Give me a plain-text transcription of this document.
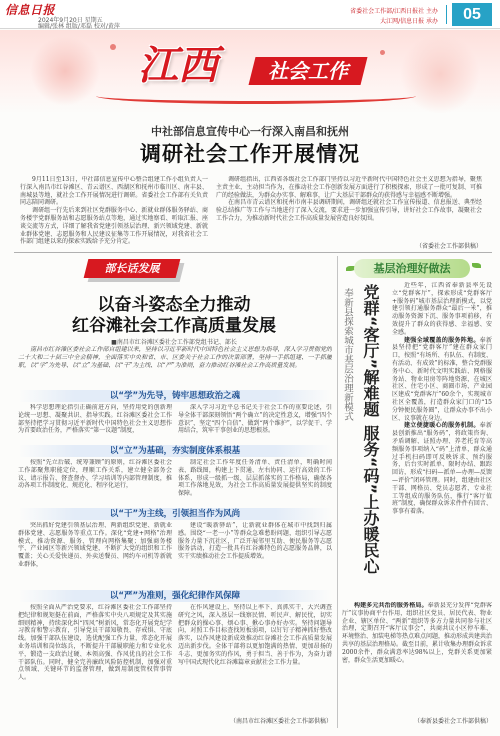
信息日报
2024年9月20日 星期五
编辑/张林 组版/邓磊 校对/黄萍
省委社会工作部/江西日报社 主办
大江网/信息日报 承办	05
江西	社会工作
中社部信息宣传中心一行深入南昌和抚州
调研社会工作开展情况

9月11日至13日，中社部信息宣传中心整合组建工作小组负责人一行深入南昌市红谷滩区、青云谱区、西湖区和抚州市临川区、南丰县、南城县等地，就社会工作开展情况进行调研。省委社会工作部有关负责同志陪同调研。

调研组一行先后来到社区党群服务中心、新就业群体服务驿站、商务楼宇党群服务站和志愿服务站点等地，通过实地察看、听取汇报、座谈交流等方式，详细了解我省党建引领基层治理、新兴领域党建、新就业群体党建、志愿服务和人民建议征集等工作开展情况，对我省社会工作部门组建以来的探索实践给予充分肯定。

调研组指出，江西省各级社会工作部门坚持以习近平新时代中国特色社会主义思想为指导，聚焦主责主业，主动担当作为，在推动社会工作创新发展方面进行了积极探索，形成了一批可复制、可推广的经验做法，为群众办实事、解难事，让广大基层干部群众的获得感与幸福感不断增强。

在南昌市青云谱区和抚州市南丰县调研期间，调研组还就社会工作宣传报道、信息报送、典型经验总结推广等工作与当地进行了深入交流，要求进一步加强宣传引导，讲好社会工作故事，凝聚社会工作合力，为推动新时代社会工作高质量发展营造良好氛围。

（省委社会工作部供稿）
部长话发展
以奋斗姿态全力推动
红谷滩社会工作高质量发展
■南昌市红谷滩区委社会工作部党组书记、部长

南昌市红谷滩区委社会工作部自组建以来，坚持以习近平新时代中国特色社会主义思想为指导，深入学习贯彻党的二十大和二十届三中全会精神，全面落实中央和省、市、区委关于社会工作的决策部署，坚持一手抓组建、一手抓履职，以“学”为先导、以“立”为基础、以“干”为主线、以“严”为准则，奋力推动红谷滩社会工作高质量发展。

以“学”为先导，铸牢思想政治之魂

科学思想理论指引正确前进方向，坚持用党的创新理论统一思想、凝聚共识、指导实践。红谷滩区委社会工作部坚持把学习贯彻习近平新时代中国特色社会主义思想作为首要政治任务，严格落实“第一议题”制度，

深入学习习近平总书记关于社会工作的重要论述，引导全体干部深刻领悟“两个确立”的决定性意义，增强“四个意识”、坚定“四个自信”、做到“两个维护”，以学促干、学用结合，筑牢干事创业的思想根基。

以“立”为基础，夯实制度体系根基

按照“先立后破、统筹兼顾”的原则，红谷滩区委社会工作部聚焦职能定位，理顺工作关系，建立健全部务会议、请示报告、督查督办、学习培训等内部管理制度，推动各项工作制度化、规范化、程序化运行，

制定社会工作年度任务清单、责任清单，明确时间表、路线图，构建上下贯通、左右协同、运行高效的工作体系，形成一级抓一级、层层抓落实的工作格局，确保各项工作落地见效，为社会工作高质量发展提供坚实的制度保障。

以“干”为主线，引领担当作为风尚

突出抓好党建引领基层治理、两新组织党建、新就业群体党建、志愿服务等重点工作。深化“党建+网格”治理模式，推动资源、服务、管理向网格集聚；加强商务楼宇、产业园区等新兴领域党建，不断扩大党的组织和工作覆盖；关心关爱快递员、外卖送餐员、网约车司机等新就业群体，

建设“暖新驿站”，让新就业群体在城市中找到归属感。围绕“一老一小”等群众急难愁盼问题，组织引导志愿服务力量下沉社区，广泛开展邻里互助、便民服务等志愿服务活动，打造一批具有红谷滩特色的志愿服务品牌，以实干实绩推动社会工作提质增效。

以“严”为准则，强化纪律作风保障

按照全面从严治党要求，红谷滩区委社会工作部坚持把纪律和规矩挺在前面，严格落实中央八项规定及其实施细则精神，持续深化纠“四风”树新风，常态化开展党纪学习教育和警示教育，引导党员干部知敬畏、存戒惧、守底线。加强干部队伍建设，选优配强工作力量，常态化开展业务培训和岗位练兵，不断提升干部履职能力和专业化水平，锻造一支政治过硬、本领高强、作风优良的社会工作干部队伍。同时，健全完善廉政风险防控机制，加强对重点领域、关键环节的监督管理，做到用制度管权管事管人。

在作风建设上，坚持以上率下、真抓实干，大兴调查研究之风，深入基层一线察民情、听民声、解民忧，切实把群众的操心事、烦心事、揪心事办好办实。坚持问题导向，对照工作目标查找短板弱项，以钉钉子精神抓好整改落实，以作风建设新成效推动红谷滩社会工作高质量发展迈出新步伐。全体干部将以更加饱满的热情、更加昂扬的斗志、更加务实的作风，勇于担当、善于作为，为奋力谱写中国式现代化红谷滩篇章贡献社会工作力量。

（南昌市红谷滩区委社会工作部供稿）
基层治理好做法
奉新县探索城市基层治理新模式 党群“客厅”解难题服务“码”上办暖民心

近些年，江西省奉新县率先设立“党群客厅”，探索形成“党群客厅+服务码”城市基层治理新模式，以党建引领打通服务群众“最后一米”，推动服务资源下沉、服务事项前移，有效提升了群众的获得感、幸福感、安全感。

建强全域覆盖的服务阵地。奉新县坚持把“党群客厅”建在群众家门口，按照“有场所、有队伍、有制度、有活动、有成效”的标准，整合党群服务中心、新时代文明实践站、网格服务站、物业用房等阵地资源，在城区社区、住宅小区、商圈市场、产业园区建成“党群客厅”60余个，实现城市社区全覆盖，打造群众家门口的“15分钟便民服务圈”，让群众办事不出小区、议事就在身边。

建立便捷暖心的服务机制。奉新县创新推出“服务码”，将政策咨询、矛盾调解、证照办理、养老托育等高频服务事项纳入“码”上清单，群众通过手机扫码即可反映诉求、预约服务，后台实时派单、限时办结、跟踪回访，形成“扫码—派单—办理—反馈—评价”闭环管理。同时，组建由社区干部、网格员、党员志愿者、专业社工等组成的服务队伍，推行“客厅值班”制度，确保群众诉求件件有回音、事事有着落。

构建多元共治的服务格局。奉新县充分发挥“党群客厅”议事协商平台作用，组织社区党员、居民代表、物业企业、辖区单位、“两新”组织等多方力量共同参与社区治理，定期召开“客厅议事会”，共商共议小区停车难、环境整治、加装电梯等热点难点问题，推动形成共建共治共享的基层治理格局。截至目前，累计收集办理群众诉求2000余件，群众满意率达98%以上，党群关系更加紧密，群众生活更加暖心。

（奉新县委社会工作部供稿）
